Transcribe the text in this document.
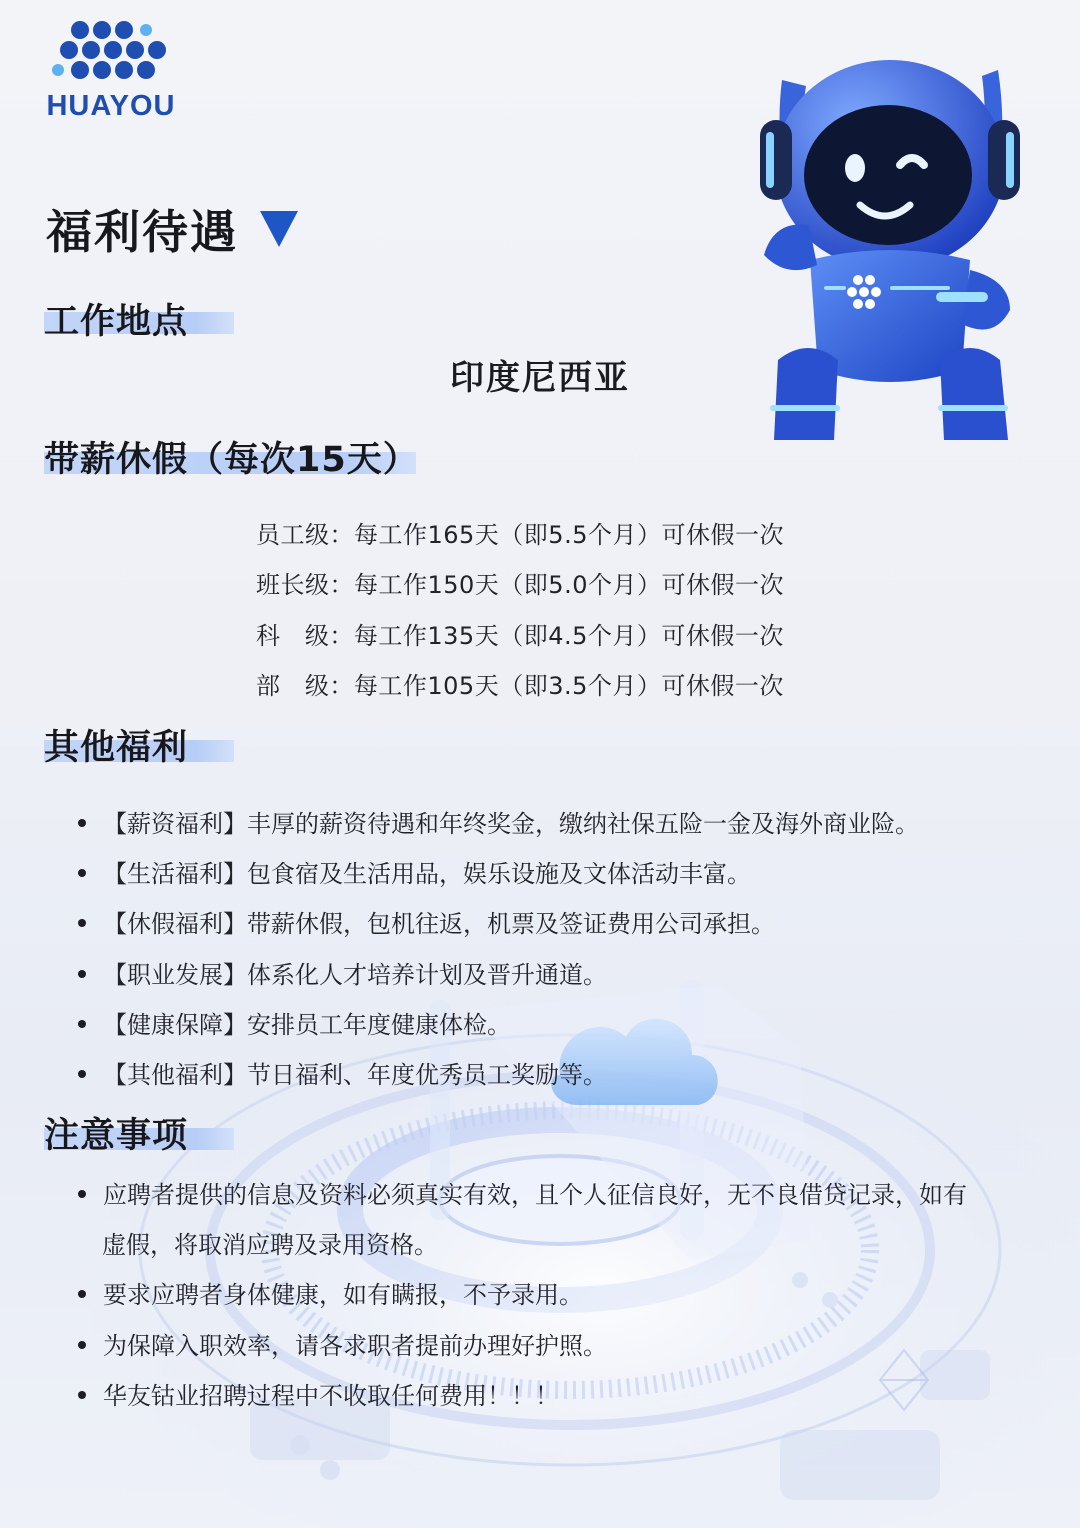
HUAYOU
福利待遇
工作地点
印度尼西亚
带薪休假（每次15天）
员工级：每工作165天（即5.5个月）可休假一次
班长级：每工作150天（即5.0个月）可休假一次
科   级：每工作135天（即4.5个月）可休假一次
部   级：每工作105天（即3.5个月）可休假一次
其他福利
【薪资福利】丰厚的薪资待遇和年终奖金，缴纳社保五险一金及海外商业险。
【生活福利】包食宿及生活用品，娱乐设施及文体活动丰富。
【休假福利】带薪休假，包机往返，机票及签证费用公司承担。
【职业发展】体系化人才培养计划及晋升通道。
【健康保障】安排员工年度健康体检。
【其他福利】节日福利、年度优秀员工奖励等。
注意事项
应聘者提供的信息及资料必须真实有效，且个人征信良好，无不良借贷记录，如有
虚假，将取消应聘及录用资格。
要求应聘者身体健康，如有瞒报，不予录用。
为保障入职效率，请各求职者提前办理好护照。
华友钴业招聘过程中不收取任何费用！！！
